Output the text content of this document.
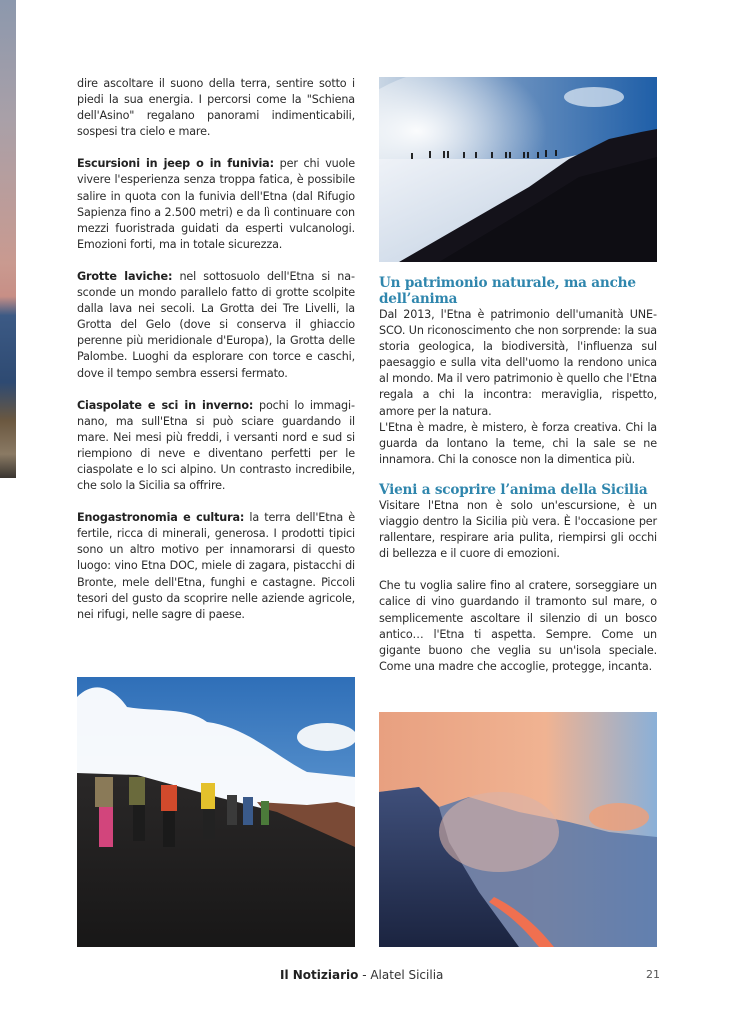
dire ascoltare il suono della terra, sentire sotto i piedi la sua energia. I percorsi come la "Schiena dell'Asino" regalano panorami indimenticabili, sospesi tra cielo e mare.

Escursioni in jeep o in funivia: per chi vuole vivere l'esperienza senza troppa fatica, è possibile salire in quota con la funivia dell'Etna (dal Rifugio Sapienza fino a 2.500 metri) e da lì continuare con mezzi fuoristrada guidati da esperti vulcanologi. Emozioni forti, ma in totale sicurezza.

Grotte laviche: nel sottosuolo dell'Etna si nasconde un mondo parallelo fatto di grotte scolpite dalla lava nei secoli. La Grotta dei Tre Livelli, la Grotta del Gelo (dove si conserva il ghiaccio perenne più meridionale d'Europa), la Grotta delle Palombe. Luoghi da esplorare con torce e caschi, dove il tempo sembra essersi fermato.

Ciaspolate e sci in inverno: pochi lo immaginano, ma sull'Etna si può sciare guardando il mare. Nei mesi più freddi, i versanti nord e sud si riempiono di neve e diventano perfetti per le ciaspolate e lo sci alpino. Un contrasto incredibile, che solo la Sicilia sa offrire.

Enogastronomia e cultura: la terra dell'Etna è fertile, ricca di minerali, generosa. I prodotti tipici sono un altro motivo per innamorarsi di questo luogo: vino Etna DOC, miele di zagara, pistacchi di Bronte, mele dell'Etna, funghi e castagne. Piccoli tesori del gusto da scoprire nelle aziende agricole, nei rifugi, nelle sagre di paese.

Un patrimonio naturale, ma anche dell’anima

Dal 2013, l'Etna è patrimonio dell'umanità UNESCO. Un riconoscimento che non sorprende: la sua storia geologica, la biodiversità, l'influenza sul paesaggio e sulla vita dell'uomo la rendono unica al mondo. Ma il vero patrimonio è quello che l'Etna regala a chi la incontra: meraviglia, rispetto, amore per la natura.

L'Etna è madre, è mistero, è forza creativa. Chi la guarda da lontano la teme, chi la sale se ne innamora. Chi la conosce non la dimentica più.

Vieni a scoprire l’anima della Sicilia

Visitare l'Etna non è solo un'escursione, è un viaggio dentro la Sicilia più vera. È l'occasione per rallentare, respirare aria pulita, riempirsi gli occhi di bellezza e il cuore di emozioni.

Che tu voglia salire fino al cratere, sorseggiare un calice di vino guardando il tramonto sul mare, o semplicemente ascoltare il silenzio di un bosco antico… l'Etna ti aspetta. Sempre. Come un gigante buono che veglia su un'isola speciale. Come una madre che accoglie, protegge, incanta.

Il Notiziario - Alatel Sicilia	21
